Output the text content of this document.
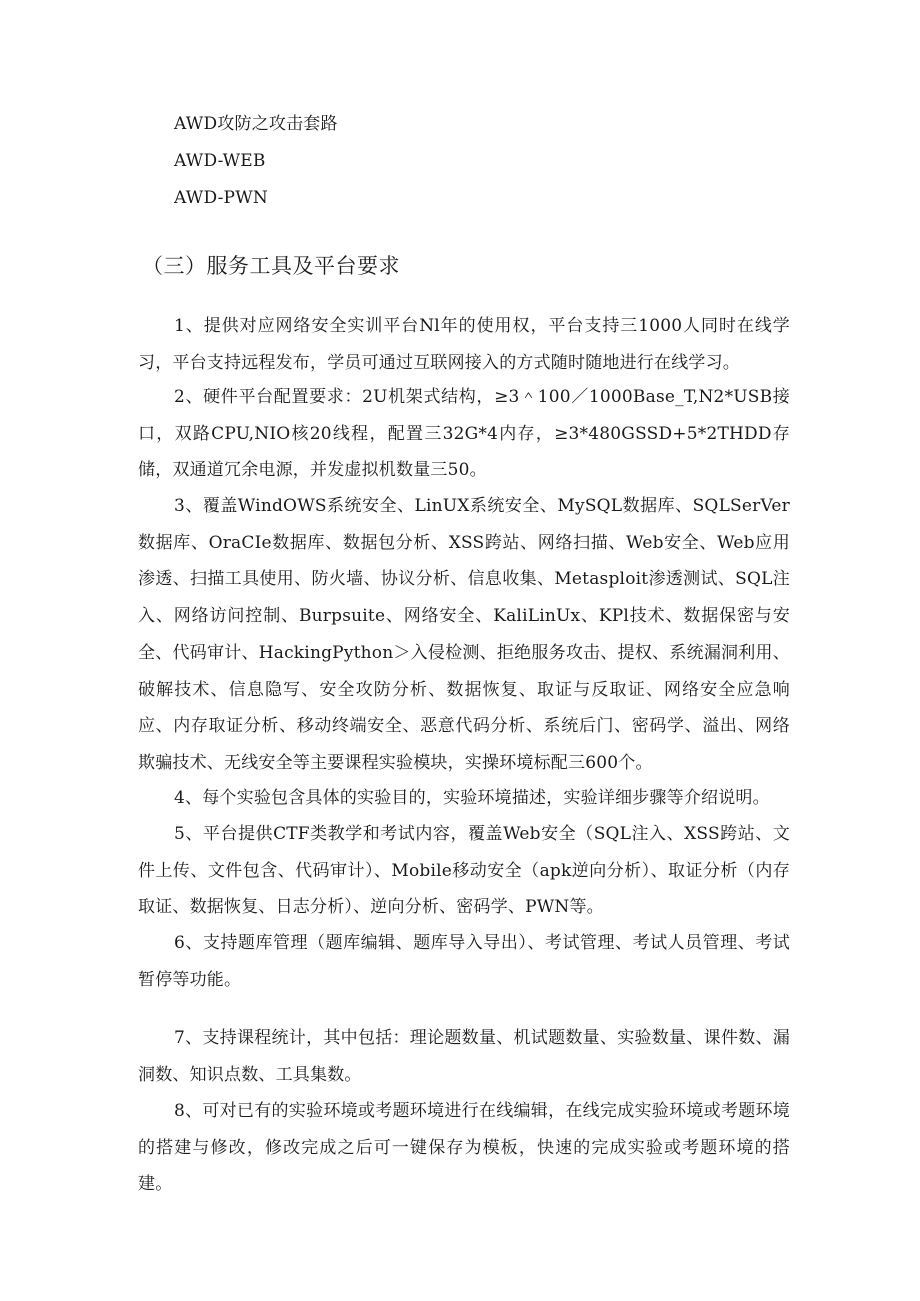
AWD攻防之攻击套路
AWD-WEB
AWD-PWN
（三）服务工具及平台要求

1、提供对应网络安全实训平台Nl年的使用权，平台支持三1000人同时在线学习，平台支持远程发布，学员可通过互联网接入的方式随时随地进行在线学习。

2、硬件平台配置要求：2U机架式结构，≥3＾100／1000Base_T,N2*USB接口，双路CPU,NIO核20线程，配置三32G*4内存，≥3*480GSSD+5*2THDD存储，双通道冗余电源，并发虚拟机数量三50。

3、覆盖WindOWS系统安全、LinUX系统安全、MySQL数据库、SQLSerVer数据库、OraCIe数据库、数据包分析、XSS跨站、网络扫描、Web安全、Web应用渗透、扫描工具使用、防火墙、协议分析、信息收集、Metasploit渗透测试、SQL注入、网络访问控制、Burpsuite、网络安全、KaliLinUx、KPl技术、数据保密与安全、代码审计、HackingPython＞入侵检测、拒绝服务攻击、提权、系统漏洞利用、破解技术、信息隐写、安全攻防分析、数据恢复、取证与反取证、网络安全应急响应、内存取证分析、移动终端安全、恶意代码分析、系统后门、密码学、溢出、网络欺骗技术、无线安全等主要课程实验模块，实操环境标配三600个。

4、每个实验包含具体的实验目的，实验环境描述，实验详细步骤等介绍说明。

5、平台提供CTF类教学和考试内容，覆盖Web安全（SQL注入、XSS跨站、文件上传、文件包含、代码审计）、Mobile移动安全（apk逆向分析）、取证分析（内存取证、数据恢复、日志分析）、逆向分析、密码学、PWN等。

6、支持题库管理（题库编辑、题库导入导出）、考试管理、考试人员管理、考试暂停等功能。

7、支持课程统计，其中包括：理论题数量、机试题数量、实验数量、课件数、漏洞数、知识点数、工具集数。

8、可对已有的实验环境或考题环境进行在线编辑，在线完成实验环境或考题环境的搭建与修改，修改完成之后可一键保存为模板，快速的完成实验或考题环境的搭建。
